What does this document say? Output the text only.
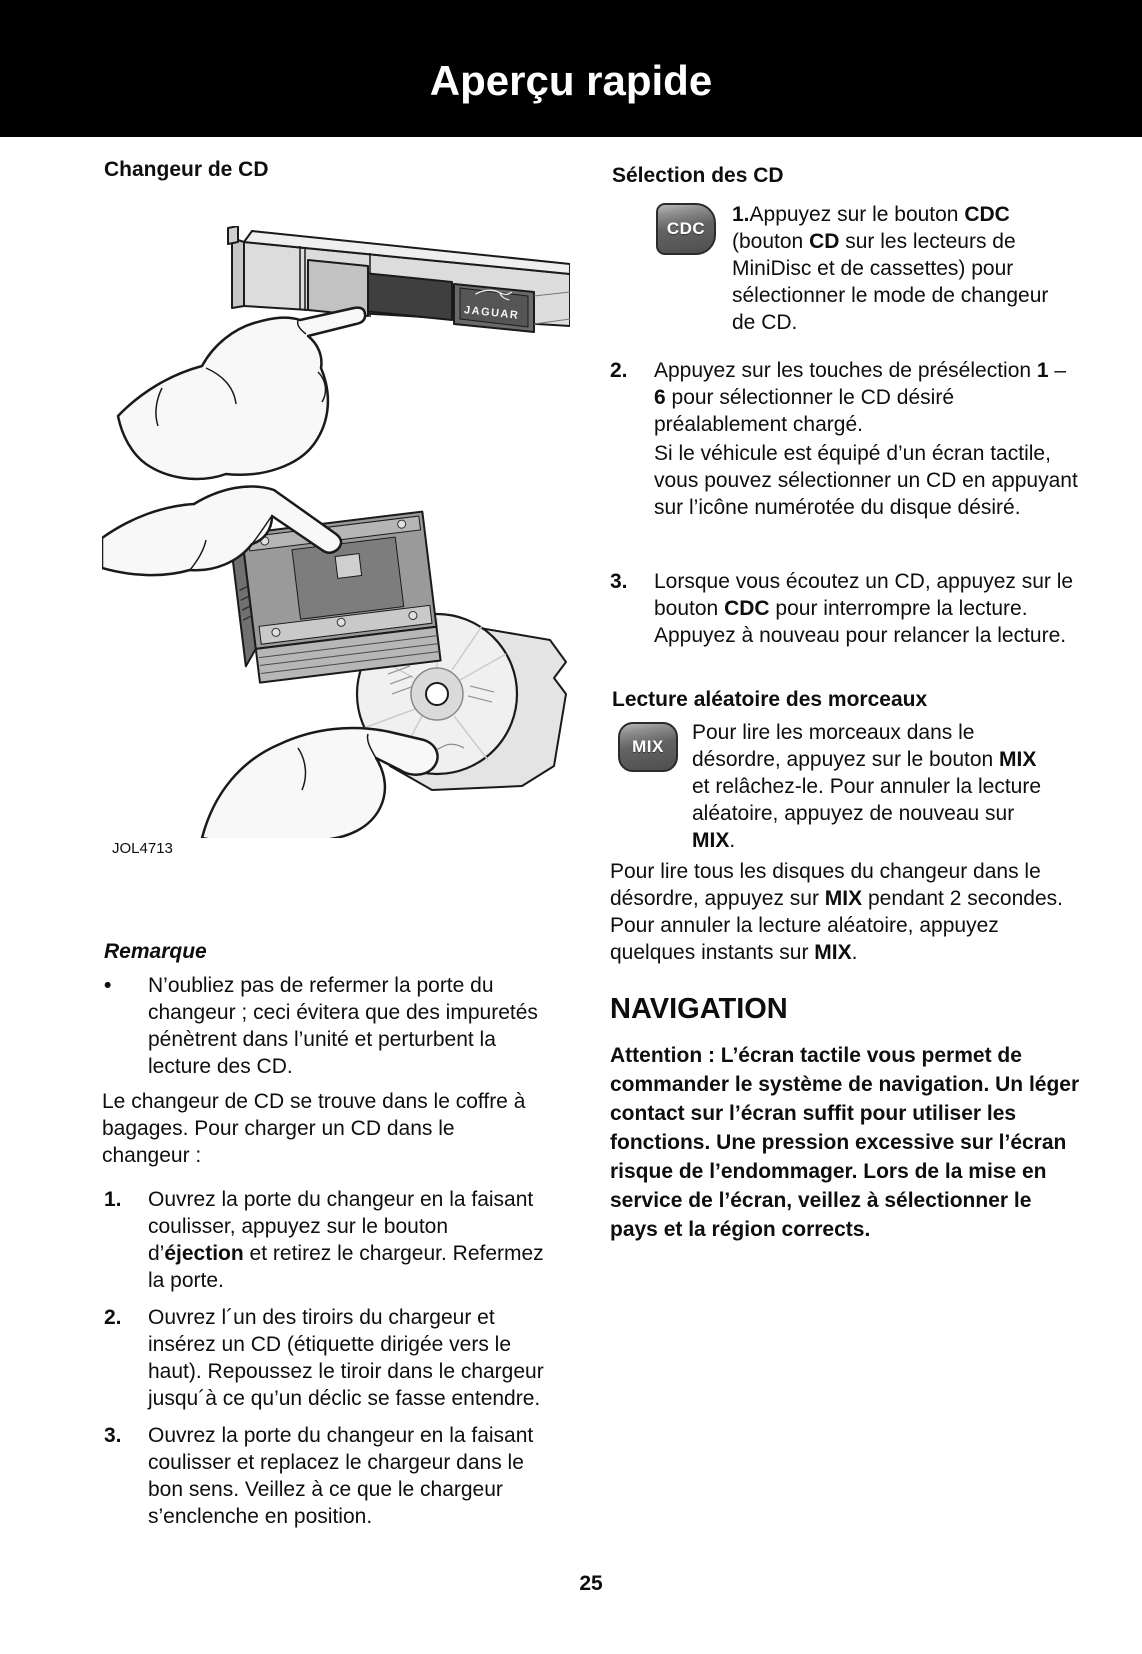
Aperçu rapide
Changeur de CD
JAGUAR
JOL4713
Remarque
• N’oubliez pas de refermer la porte du changeur ; ceci évitera que des impuretés pénètrent dans l’unité et perturbent la lecture des CD.
Le changeur de CD se trouve dans le coffre à bagages. Pour charger un CD dans le changeur :
1. Ouvrez la porte du changeur en la faisant coulisser, appuyez sur le bouton d’éjection et retirez le chargeur. Refermez la porte.
2. Ouvrez l´un des tiroirs du chargeur et insérez un CD (étiquette dirigée vers le haut). Repoussez le tiroir dans le chargeur jusqu´à ce qu’un déclic se fasse entendre.
3. Ouvrez la porte du changeur en la faisant coulisser et replacez le chargeur dans le bon sens. Veillez à ce que le chargeur s’enclenche en position.
Sélection des CD
CDC
1.Appuyez sur le bouton CDC (bouton CD sur les lecteurs de MiniDisc et de cassettes) pour sélectionner le mode de changeur de CD.
2. Appuyez sur les touches de présélection 1 – 6 pour sélectionner le CD désiré préalablement chargé.
Si le véhicule est équipé d’un écran tactile, vous pouvez sélectionner un CD en appuyant sur l’icône numérotée du disque désiré.
3. Lorsque vous écoutez un CD, appuyez sur le bouton CDC pour interrompre la lecture. Appuyez à nouveau pour relancer la lecture.
Lecture aléatoire des morceaux
MIX
Pour lire les morceaux dans le désordre, appuyez sur le bouton MIX et relâchez-le. Pour annuler la lecture aléatoire, appuyez de nouveau sur MIX.
Pour lire tous les disques du changeur dans le désordre, appuyez sur MIX pendant 2 secondes. Pour annuler la lecture aléatoire, appuyez quelques instants sur MIX.
NAVIGATION
Attention : L’écran tactile vous permet de commander le système de navigation. Un léger contact sur l’écran suffit pour utiliser les fonctions. Une pression excessive sur l’écran risque de l’endommager. Lors de la mise en service de l’écran, veillez à sélectionner le pays et la région corrects.
25
